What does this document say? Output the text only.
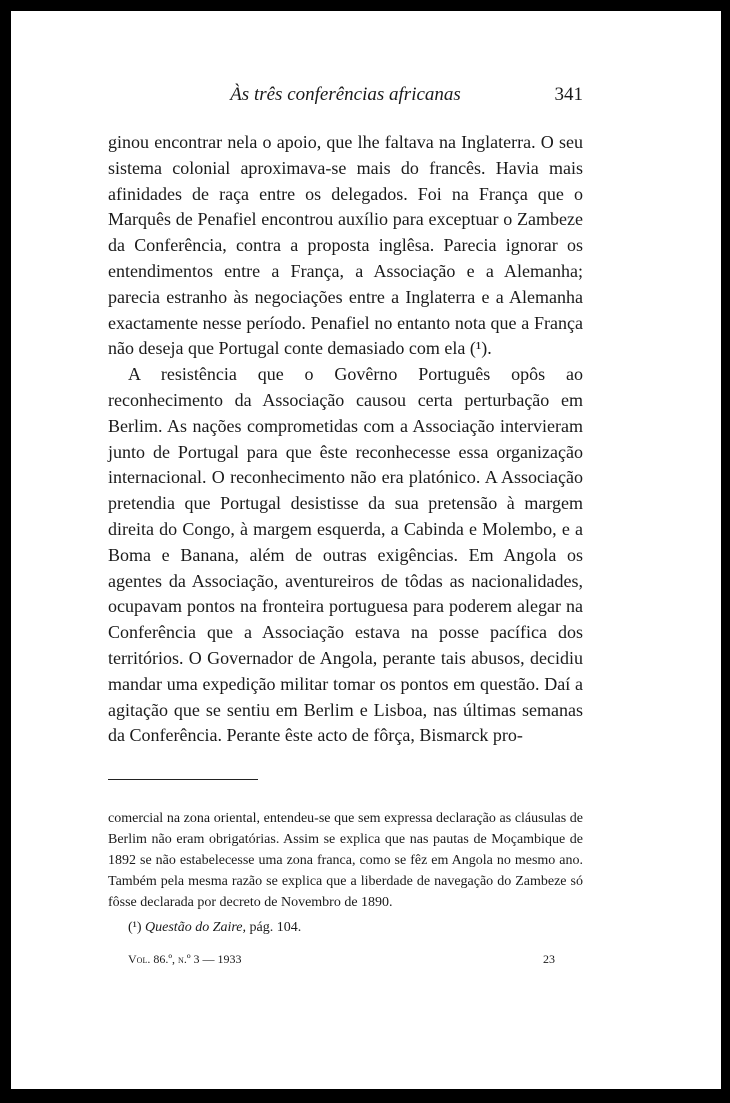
Às três conferências africanas	341

ginou encontrar nela o apoio, que lhe faltava na Inglaterra. O seu sistema colonial aproximava-se mais do francês. Havia mais afinidades de raça entre os delegados. Foi na França que o Marquês de Penafiel encontrou auxílio para exceptuar o Zambeze da Conferência, contra a proposta inglêsa. Parecia ignorar os entendimentos entre a França, a Associação e a Alemanha; parecia estranho às negociações entre a Inglaterra e a Alemanha exactamente nesse período. Penafiel no entanto nota que a França não deseja que Portugal conte demasiado com ela (¹).

A resistência que o Govêrno Português opôs ao reconhecimento da Associação causou certa perturbação em Berlim. As nações comprometidas com a Associação intervieram junto de Portugal para que êste reconhecesse essa organização internacional. O reconhecimento não era platónico. A Associação pretendia que Portugal desistisse da sua pretensão à margem direita do Congo, à margem esquerda, a Cabinda e Molembo, e a Boma e Banana, além de outras exigências. Em Angola os agentes da Associação, aventureiros de tôdas as nacionalidades, ocupavam pontos na fronteira portuguesa para poderem alegar na Conferência que a Associação estava na posse pacífica dos territórios. O Governador de Angola, perante tais abusos, decidiu mandar uma expedição militar tomar os pontos em questão. Daí a agitação que se sentiu em Berlim e Lisboa, nas últimas semanas da Conferência. Perante êste acto de fôrça, Bismarck pro-

comercial na zona oriental, entendeu-se que sem expressa declaração as cláusulas de Berlim não eram obrigatórias. Assim se explica que nas pautas de Moçambique de 1892 se não estabelecesse uma zona franca, como se fêz em Angola no mesmo ano. Também pela mesma razão se explica que a liberdade de navegação do Zambeze só fôsse declarada por decreto de Novembro de 1890.

(¹) Questão do Zaire, pág. 104.

Vol. 86.º, n.º 3 — 1933	23
